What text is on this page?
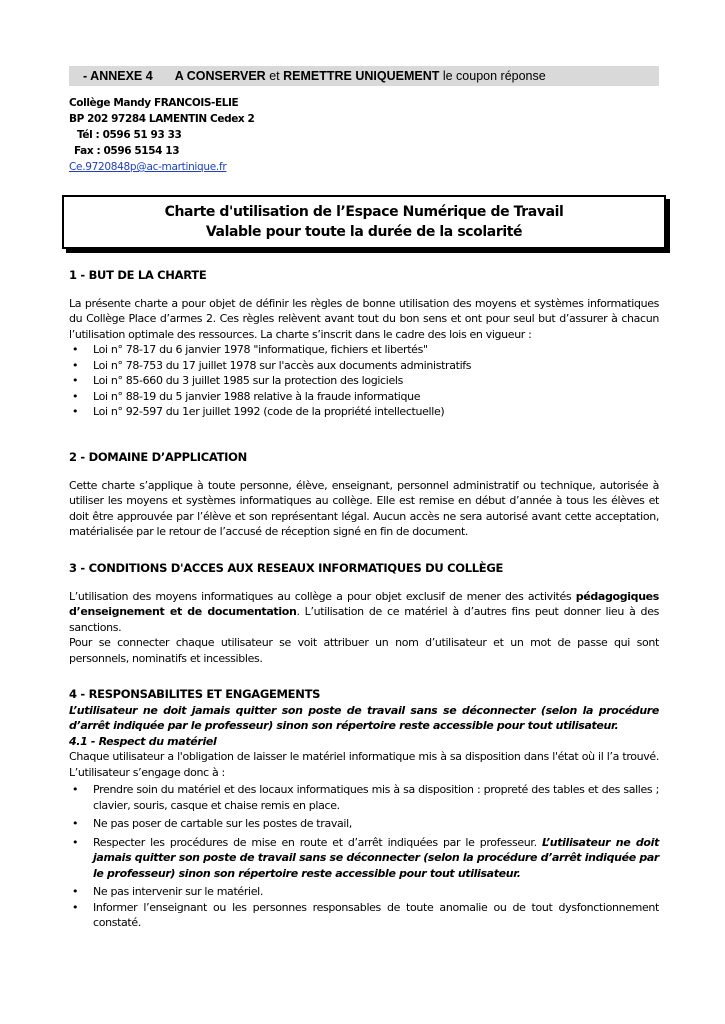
- ANNEXE 4 A CONSERVER et REMETTRE UNIQUEMENT le coupon réponse
Collège Mandy FRANCOIS-ELIE
BP 202 97284 LAMENTIN Cedex 2
Tél : 0596 51 93 33
Fax : 0596 5154 13
Ce.9720848p@ac-martinique.fr
Charte d'utilisation de l’Espace Numérique de Travail
Valable pour toute la durée de la scolarité
1 - BUT DE LA CHARTE
La présente charte a pour objet de définir les règles de bonne utilisation des moyens et systèmes informatiques du Collège Place d’armes 2. Ces règles relèvent avant tout du bon sens et ont pour seul but d’assurer à chacun l’utilisation optimale des ressources. La charte s’inscrit dans le cadre des lois en vigueur :
• Loi n° 78-17 du 6 janvier 1978 "informatique, fichiers et libertés"
• Loi n° 78-753 du 17 juillet 1978 sur l'accès aux documents administratifs
• Loi n° 85-660 du 3 juillet 1985 sur la protection des logiciels
• Loi n° 88-19 du 5 janvier 1988 relative à la fraude informatique
• Loi n° 92-597 du 1er juillet 1992 (code de la propriété intellectuelle)
2 - DOMAINE D’APPLICATION
Cette charte s’applique à toute personne, élève, enseignant, personnel administratif ou technique, autorisée à utiliser les moyens et systèmes informatiques au collège. Elle est remise en début d’année à tous les élèves et doit être approuvée par l’élève et son représentant légal. Aucun accès ne sera autorisé avant cette acceptation, matérialisée par le retour de l’accusé de réception signé en fin de document.
3 - CONDITIONS D'ACCES AUX RESEAUX INFORMATIQUES DU COLLÈGE
L’utilisation des moyens informatiques au collège a pour objet exclusif de mener des activités pédagogiques d’enseignement et de documentation. L’utilisation de ce matériel à d’autres fins peut donner lieu à des sanctions.
Pour se connecter chaque utilisateur se voit attribuer un nom d’utilisateur et un mot de passe qui sont personnels, nominatifs et incessibles.
4 - RESPONSABILITES ET ENGAGEMENTS
L’utilisateur ne doit jamais quitter son poste de travail sans se déconnecter (selon la procédure d’arrêt indiquée par le professeur) sinon son répertoire reste accessible pour tout utilisateur.
4.1 - Respect du matériel
Chaque utilisateur a l'obligation de laisser le matériel informatique mis à sa disposition dans l'état où il l’a trouvé. L’utilisateur s’engage donc à :
• Prendre soin du matériel et des locaux informatiques mis à sa disposition : propreté des tables et des salles ; clavier, souris, casque et chaise remis en place.
• Ne pas poser de cartable sur les postes de travail,
• Respecter les procédures de mise en route et d’arrêt indiquées par le professeur. L’utilisateur ne doit jamais quitter son poste de travail sans se déconnecter (selon la procédure d’arrêt indiquée par le professeur) sinon son répertoire reste accessible pour tout utilisateur.
• Ne pas intervenir sur le matériel.
• Informer l’enseignant ou les personnes responsables de toute anomalie ou de tout dysfonctionnement constaté.
